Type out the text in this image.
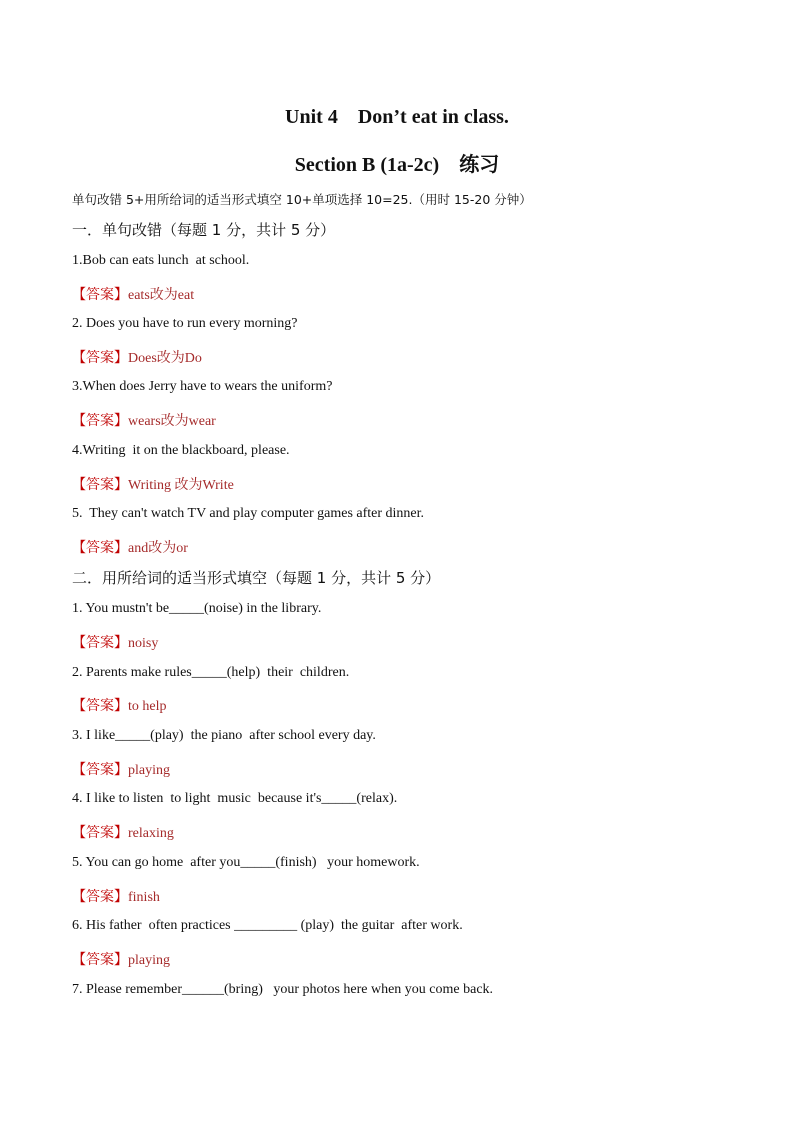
Unit 4    Don’t eat in class.
Section B (1a-2c)    练习
单句改错 5+用所给词的适当形式填空 10+单项选择 10=25.（用时 15-20 分钟）
一．单句改错（每题 1 分，共计 5 分）
1.Bob can eats lunch  at school.
【答案】eats改为eat
2. Does you have to run every morning?
【答案】Does改为Do
3.When does Jerry have to wears the uniform?
【答案】wears改为wear
4.Writing  it on the blackboard, please.
【答案】Writing 改为Write
5.  They can't watch TV and play computer games after dinner.
【答案】and改为or
二．用所给词的适当形式填空（每题 1 分，共计 5 分）
1. You mustn't be_____(noise) in the library.
【答案】noisy
2. Parents make rules_____(help)  their  children.
【答案】to help
3. I like_____(play)  the piano  after school every day.
【答案】playing
4. I like to listen  to light  music  because it's_____(relax).
【答案】relaxing
5. You can go home  after you_____(finish)   your homework.
【答案】finish
6. His father  often practices _________ (play)  the guitar  after work.
【答案】playing
7. Please remember______(bring)   your photos here when you come back.
